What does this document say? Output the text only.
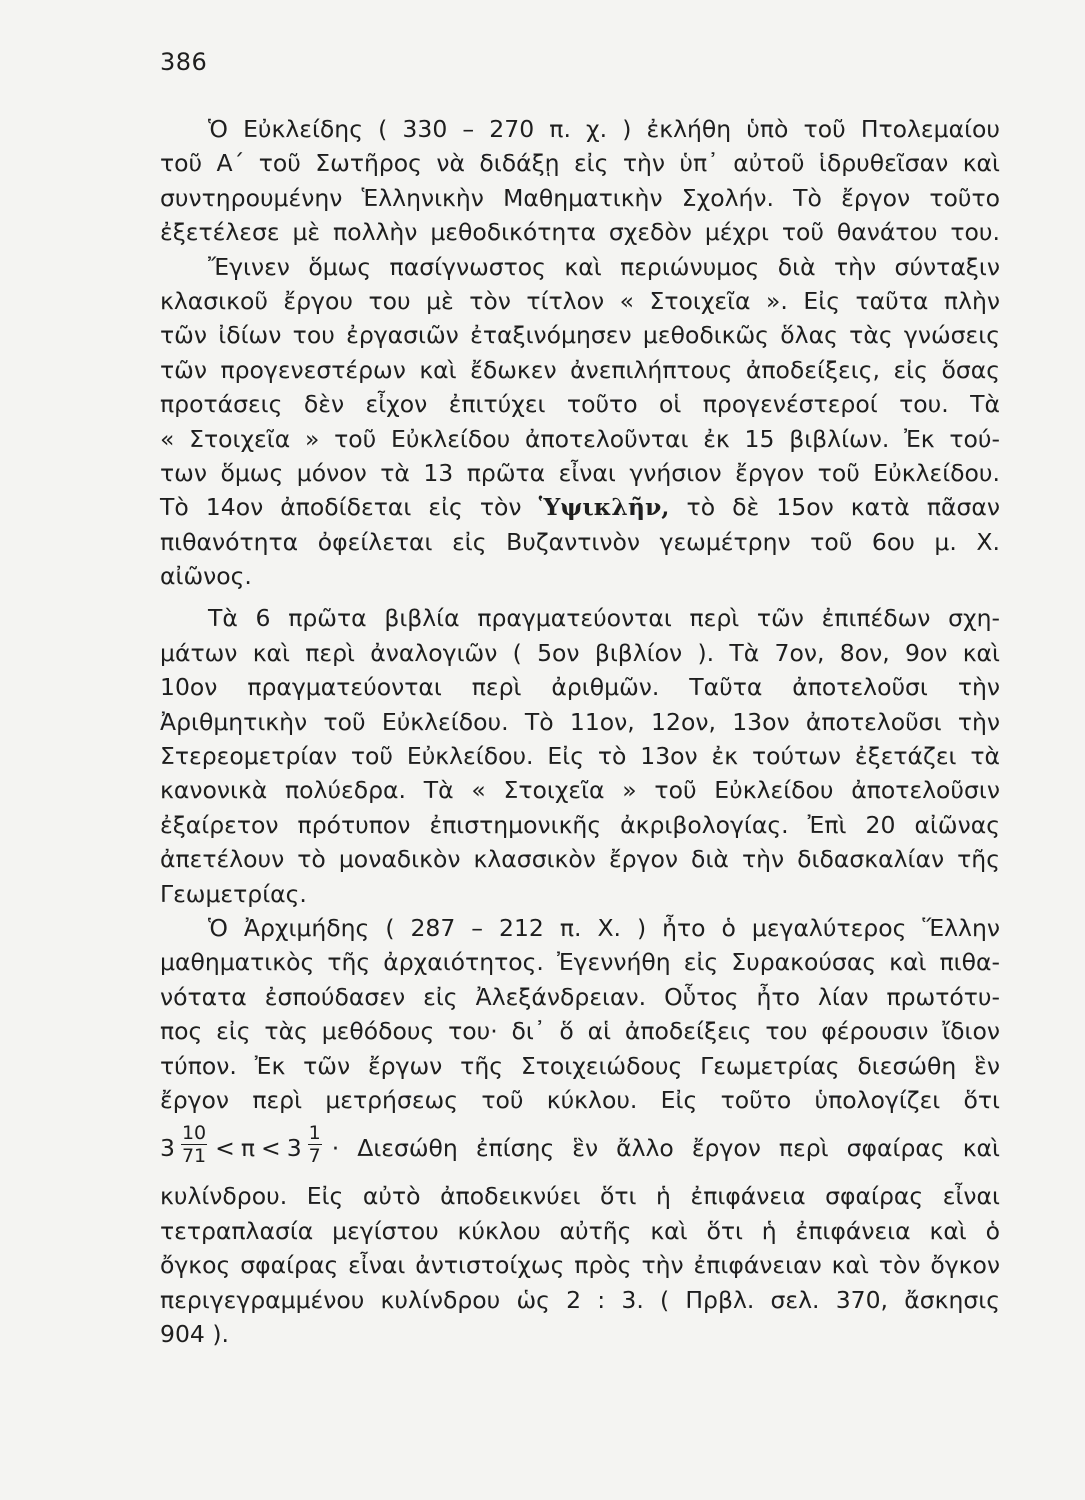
386
Ὁ Εὐκλείδης ( 330 – 270 π. χ. ) ἐκλήθη ὑπὸ τοῦ Πτολεμαίου
τοῦ Α΄ τοῦ Σωτῆρος νὰ διδάξῃ εἰς τὴν ὑπ᾽ αὐτοῦ ἱδρυθεῖσαν καὶ
συντηρουμένην Ἑλληνικὴν Μαθηματικὴν Σχολήν. Τὸ ἔργον τοῦτο
ἐξετέλεσε μὲ πολλὴν μεθοδικότητα σχεδὸν μέχρι τοῦ θανάτου του.
Ἔγινεν ὅμως πασίγνωστος καὶ περιώνυμος διὰ τὴν σύνταξιν
κλασικοῦ ἔργου του μὲ τὸν τίτλον « Στοιχεῖα ». Εἰς ταῦτα πλὴν
τῶν ἰδίων του ἐργασιῶν ἐταξινόμησεν μεθοδικῶς ὅλας τὰς γνώσεις
τῶν προγενεστέρων καὶ ἔδωκεν ἀνεπιλήπτους ἀποδείξεις, εἰς ὅσας
προτάσεις δὲν εἶχον ἐπιτύχει τοῦτο οἱ προγενέστεροί του. Τὰ
« Στοιχεῖα » τοῦ Εὐκλείδου ἀποτελοῦνται ἐκ 15 βιβλίων. Ἐκ τού-
των ὅμως μόνον τὰ 13 πρῶτα εἶναι γνήσιον ἔργον τοῦ Εὐκλείδου.
Τὸ 14ον ἀποδίδεται εἰς τὸν Ὑψικλῆν, τὸ δὲ 15ον κατὰ πᾶσαν
πιθανότητα ὀφείλεται εἰς Βυζαντινὸν γεωμέτρην τοῦ 6ου μ. Χ.
αἰῶνος.
Τὰ 6 πρῶτα βιβλία πραγματεύονται περὶ τῶν ἐπιπέδων σχη-
μάτων καὶ περὶ ἀναλογιῶν ( 5ον βιβλίον ). Τὰ 7ον, 8ον, 9ον καὶ
10ον πραγματεύονται περὶ ἀριθμῶν. Ταῦτα ἀποτελοῦσι τὴν
Ἀριθμητικὴν τοῦ Εὐκλείδου. Τὸ 11ον, 12ον, 13ον ἀποτελοῦσι τὴν
Στερεομετρίαν τοῦ Εὐκλείδου. Εἰς τὸ 13ον ἐκ τούτων ἐξετάζει τὰ
κανονικὰ πολύεδρα. Τὰ « Στοιχεῖα » τοῦ Εὐκλείδου ἀποτελοῦσιν
ἐξαίρετον πρότυπον ἐπιστημονικῆς ἀκριβολογίας. Ἐπὶ 20 αἰῶνας
ἀπετέλουν τὸ μοναδικὸν κλασσικὸν ἔργον διὰ τὴν διδασκαλίαν τῆς
Γεωμετρίας.
Ὁ Ἀρχιμήδης ( 287 – 212 π. Χ. ) ἦτο ὁ μεγαλύτερος Ἕλλην
μαθηματικὸς τῆς ἀρχαιότητος. Ἐγεννήθη εἰς Συρακούσας καὶ πιθα-
νότατα ἐσπούδασεν εἰς Ἀλεξάνδρειαν. Οὗτος ἦτο λίαν πρωτότυ-
πος εἰς τὰς μεθόδους του· δι᾽ ὅ αἱ ἀποδείξεις του φέρουσιν ἴδιον
τύπον. Ἐκ τῶν ἔργων τῆς Στοιχειώδους Γεωμετρίας διεσώθη ἓν
ἔργον περὶ μετρήσεως τοῦ κύκλου. Εἰς τοῦτο ὑπολογίζει ὅτι
$3 \frac{10}{71} < \pi < 3 \frac{1}{7} \cdot \Delta\iota\varepsilon\sigma ώ\theta\eta$ ἐπίσης ἓν ἄλλο ἔργον περὶ σφαίρας καὶ
κυλίνδρου. Εἰς αὐτὸ ἀποδεικνύει ὅτι ἡ ἐπιφάνεια σφαίρας εἶναι
τετραπλασία μεγίστου κύκλου αὐτῆς καὶ ὅτι ἡ ἐπιφάνεια καὶ ὁ
ὄγκος σφαίρας εἶναι ἀντιστοίχως πρὸς τὴν ἐπιφάνειαν καὶ τὸν ὄγκον
περιγεγραμμένου κυλίνδρου ὡς 2 : 3. ( Πρβλ. σελ. 370, ἄσκησις
904 ).
